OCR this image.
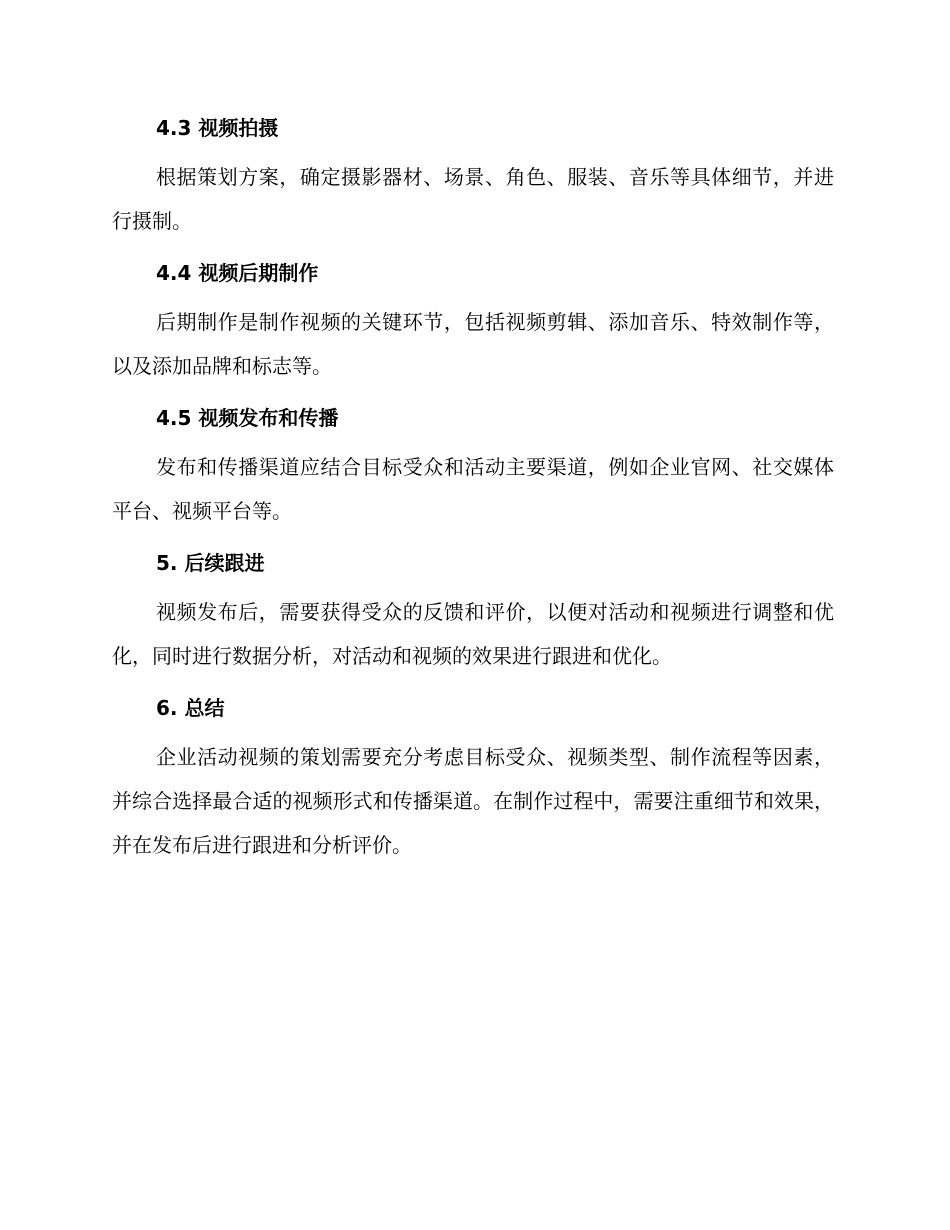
4.3 视频拍摄

根据策划方案，确定摄影器材、场景、角色、服装、音乐等具体细节，并进行摄制。

4.4 视频后期制作

后期制作是制作视频的关键环节，包括视频剪辑、添加音乐、特效制作等，以及添加品牌和标志等。

4.5 视频发布和传播

发布和传播渠道应结合目标受众和活动主要渠道，例如企业官网、社交媒体平台、视频平台等。

5. 后续跟进

视频发布后，需要获得受众的反馈和评价，以便对活动和视频进行调整和优化，同时进行数据分析，对活动和视频的效果进行跟进和优化。

6. 总结

企业活动视频的策划需要充分考虑目标受众、视频类型、制作流程等因素，并综合选择最合适的视频形式和传播渠道。在制作过程中，需要注重细节和效果，并在发布后进行跟进和分析评价。
